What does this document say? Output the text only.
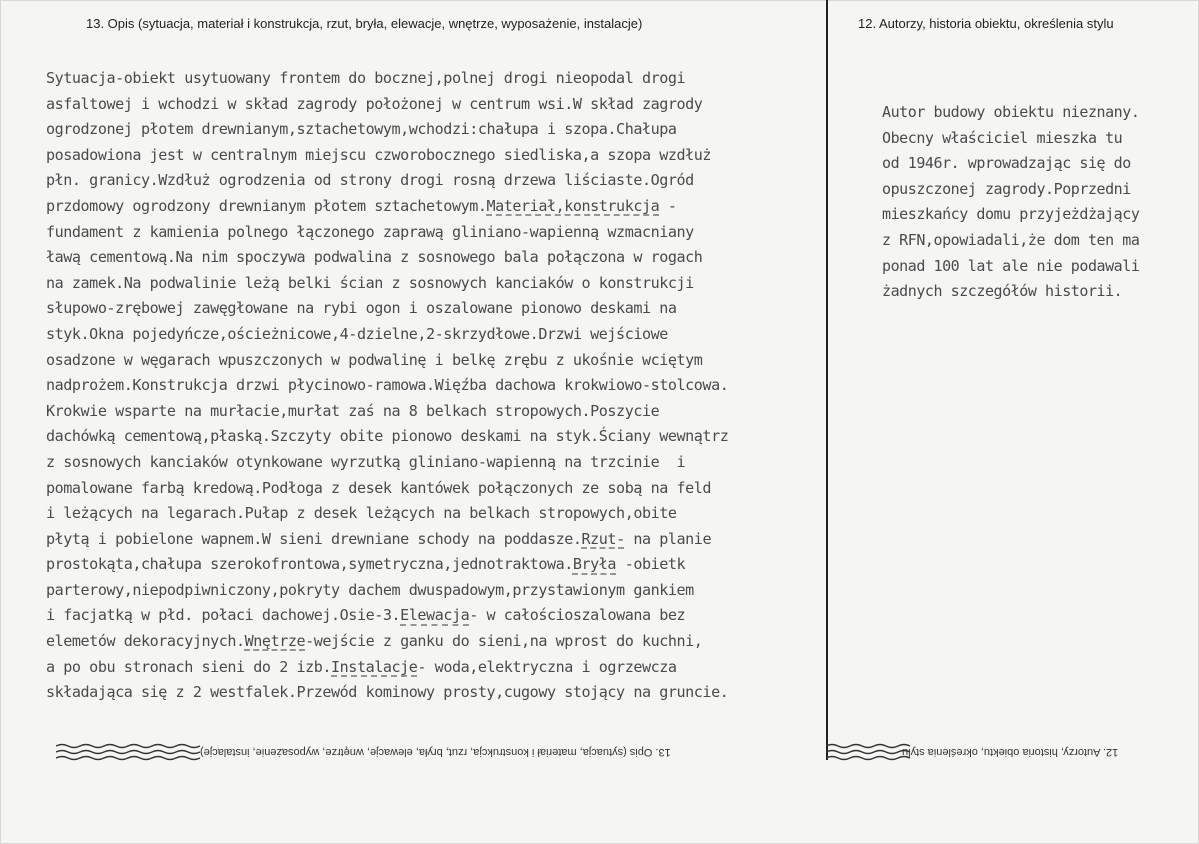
13. Opis (sytuacja, materiał i konstrukcja, rzut, bryła, elewacje, wnętrze, wyposażenie, instalacje)	12. Autorzy, historia obiektu, określenia stylu
Sytuacja-obiekt usytuowany frontem do bocznej,polnej drogi nieopodal drogi
asfaltowej i wchodzi w skład zagrody położonej w centrum wsi.W skład zagrody
ogrodzonej płotem drewnianym,sztachetowym,wchodzi:chałupa i szopa.Chałupa
posadowiona jest w centralnym miejscu czworobocznego siedliska,a szopa wzdłuż
płn. granicy.Wzdłuż ogrodzenia od strony drogi rosną drzewa liściaste.Ogród
przdomowy ogrodzony drewnianym płotem sztachetowym.Materiał,konstrukcja -
fundament z kamienia polnego łączonego zaprawą gliniano-wapienną wzmacniany
ławą cementową.Na nim spoczywa podwalina z sosnowego bala połączona w rogach
na zamek.Na podwalinie leżą belki ścian z sosnowych kanciaków o konstrukcji
słupowo-zrębowej zawęgłowane na rybi ogon i oszalowane pionowo deskami na
styk.Okna pojedyńcze,ościeżnicowe,4-dzielne,2-skrzydłowe.Drzwi wejściowe
osadzone w węgarach wpuszczonych w podwalinę i belkę zrębu z ukośnie wciętym
nadprożem.Konstrukcja drzwi płycinowo-ramowa.Więźba dachowa krokwiowo-stolcowa.
Krokwie wsparte na murłacie,murłat zaś na 8 belkach stropowych.Poszycie
dachówką cementową,płaską.Szczyty obite pionowo deskami na styk.Ściany wewnątrz
z sosnowych kanciaków otynkowane wyrzutką gliniano-wapienną na trzcinie  i
pomalowane farbą kredową.Podłoga z desek kantówek połączonych ze sobą na feld
i leżących na legarach.Pułap z desek leżących na belkach stropowych,obite
płytą i pobielone wapnem.W sieni drewniane schody na poddasze.Rzut- na planie
prostokąta,chałupa szerokofrontowa,symetryczna,jednotraktowa.Bryła -obietk
parterowy,niepodpiwniczony,pokryty dachem dwuspadowym,przystawionym gankiem
i facjatką w płd. połaci dachowej.Osie-3.Elewacja- w całościoszalowana bez
elemetów dekoracyjnych.Wnętrze-wejście z ganku do sieni,na wprost do kuchni,
a po obu stronach sieni do 2 izb.Instalacje- woda,elektryczna i ogrzewcza
składająca się z 2 westfalek.Przewód kominowy prosty,cugowy stojący na gruncie.
Autor budowy obiektu nieznany.
Obecny właściciel mieszka tu
od 1946r. wprowadzając się do
opuszczonej zagrody.Poprzedni
mieszkańcy domu przyjeżdżający
z RFN,opowiadali,że dom ten ma
ponad 100 lat ale nie podawali
żadnych szczegółów historii.
13. Opis (sytuacja, materiał i konstrukcja, rzut, bryła, elewacje, wnętrze, wyposażenie, instalacje)	12. Autorzy, historia obiektu, określenia stylu
